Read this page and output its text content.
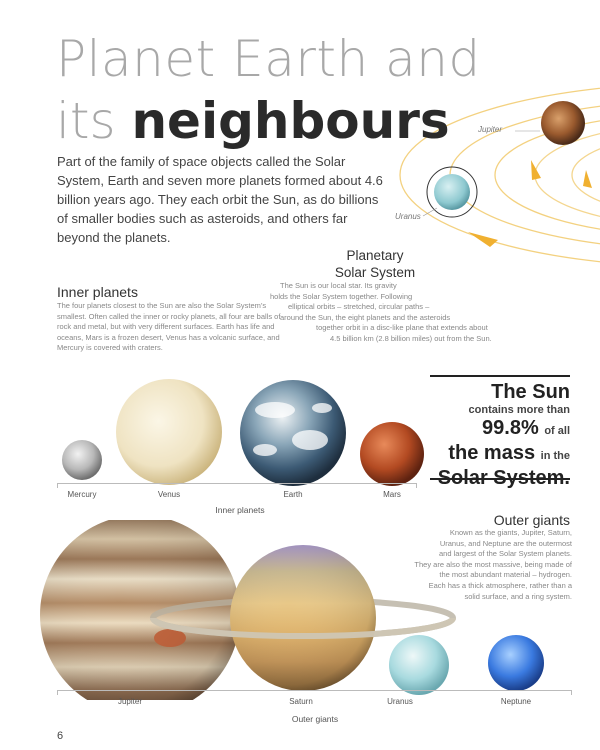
Jupiter
Uranus
Planet Earth and
its neighbours
Part of the family of space objects called the Solar System, Earth and seven more planets formed about 4.6 billion years ago. They each orbit the Sun, as do billions of smaller bodies such as asteroids, and others far beyond the planets.
Inner planets
The four planets closest to the Sun are also the Solar System’s smallest. Often called the inner or rocky planets, all four are balls of rock and metal, but with very different surfaces. Earth has life and oceans, Mars is a frozen desert, Venus has a volcanic surface, and Mercury is covered with craters.
Planetary
Solar System
The Sun is our local star. Its gravity
holds the Solar System together. Following
elliptical orbits – stretched, circular paths –
around the Sun, the eight planets and the asteroids
together orbit in a disc-like plane that extends about
4.5 billion km (2.8 billion miles) out from the Sun.
The Sun
contains more than
99.8% of all
the mass in the
Solar System.
Mercury	Venus	Earth	Mars
Inner planets
Outer giants
Known as the giants, Jupiter, Saturn,
Uranus, and Neptune are the outermost
and largest of the Solar System planets.
They are also the most massive, being made of
the most abundant material – hydrogen.
Each has a thick atmosphere, rather than a
solid surface, and a ring system.
Jupiter	Saturn	Uranus	Neptune
Outer giants
6
